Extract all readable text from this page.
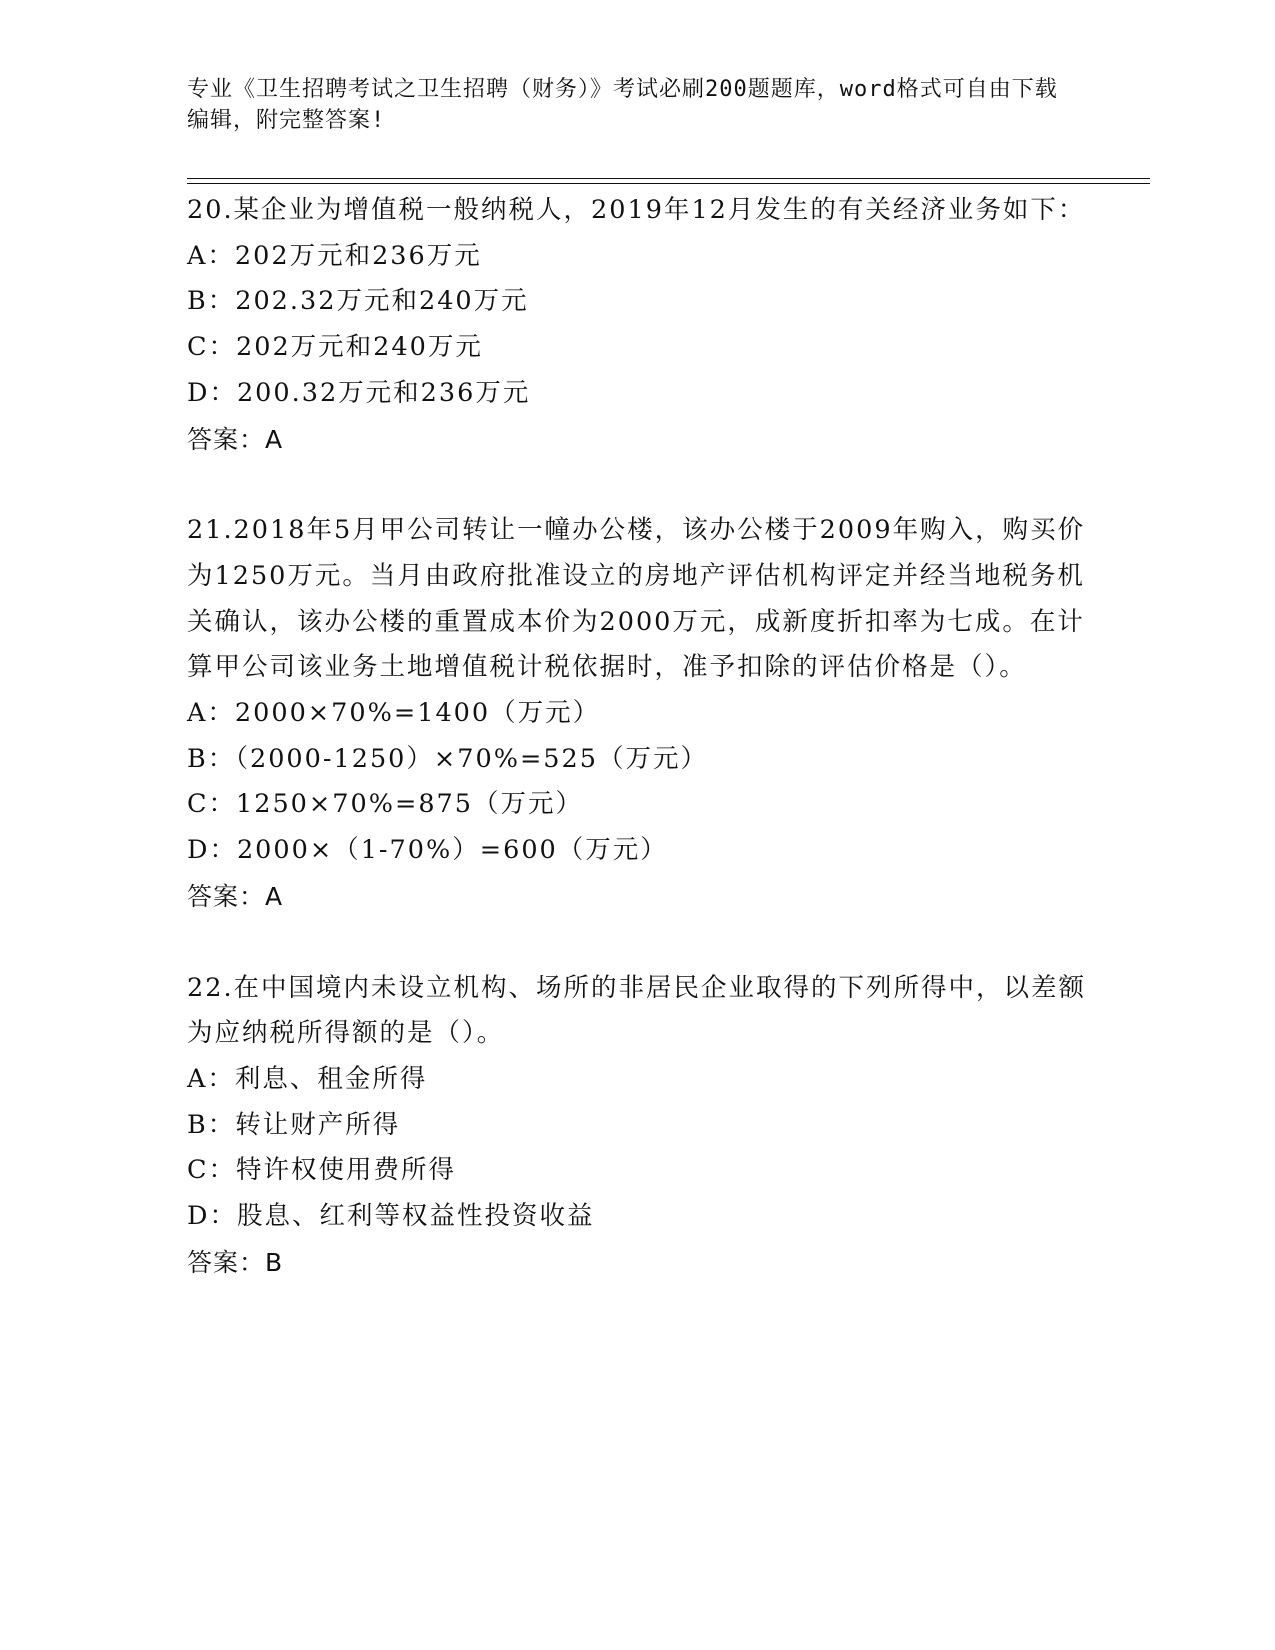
专业《卫生招聘考试之卫生招聘（财务）》考试必刷200题题库，word格式可自由下载编辑，附完整答案!

20.某企业为增值税一般纳税人，2019年12月发生的有关经济业务如下：

A：202万元和236万元

B：202.32万元和240万元

C：202万元和240万元

D：200.32万元和236万元

答案：A

21.2018年5月甲公司转让一幢办公楼，该办公楼于2009年购入，购买价为1250万元。当月由政府批准设立的房地产评估机构评定并经当地税务机关确认，该办公楼的重置成本价为2000万元，成新度折扣率为七成。在计算甲公司该业务土地增值税计税依据时，准予扣除的评估价格是（）。

A：2000×70%=1400（万元）

B：（2000-1250）×70%=525（万元）

C：1250×70%=875（万元）

D：2000×（1-70%）=600（万元）

答案：A

22.在中国境内未设立机构、场所的非居民企业取得的下列所得中，以差额为应纳税所得额的是（）。

A：利息、租金所得

B：转让财产所得

C：特许权使用费所得

D：股息、红利等权益性投资收益

答案：B
